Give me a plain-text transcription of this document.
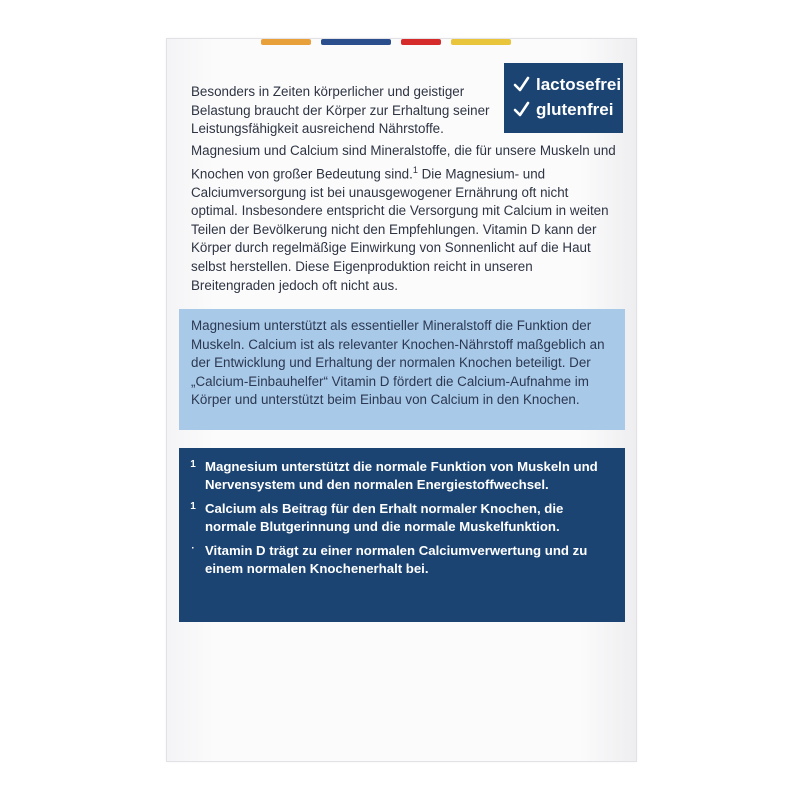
Besonders in Zeiten körperlicher und geistiger Belastung braucht der Körper zur Erhaltung seiner Leistungsfähigkeit ausreichend Nährstoffe.

lactosefrei
glutenfrei

Magnesium und Calcium sind Mineralstoffe, die für unsere Muskeln und Knochen von großer Bedeutung sind.$^1$ Die Magnesium- und Calciumversorgung ist bei unausgewogener Ernährung oft nicht optimal. Insbesondere entspricht die Versorgung mit Calcium in weiten Teilen der Bevölkerung nicht den Empfehlungen. Vitamin D kann der Körper durch regelmäßige Einwirkung von Sonnenlicht auf die Haut selbst herstellen. Diese Eigenproduktion reicht in unseren Breitengraden jedoch oft nicht aus.

Magnesium unterstützt als essentieller Mineralstoff die Funktion der Muskeln. Calcium ist als relevanter Knochen-Nährstoff maßgeblich an der Entwicklung und Erhaltung der normalen Knochen beteiligt. Der „Calcium-Einbauhelfer“ Vitamin D fördert die Calcium-Aufnahme im Körper und unterstützt beim Einbau von Calcium in den Knochen.

1 Magnesium unterstützt die normale Funktion von Muskeln und Nervensystem und den normalen Energiestoffwechsel.
1 Calcium als Beitrag für den Erhalt normaler Knochen, die normale Blutgerinnung und die normale Muskelfunktion.
· Vitamin D trägt zu einer normalen Calciumverwertung und zu einem normalen Knochenerhalt bei.
